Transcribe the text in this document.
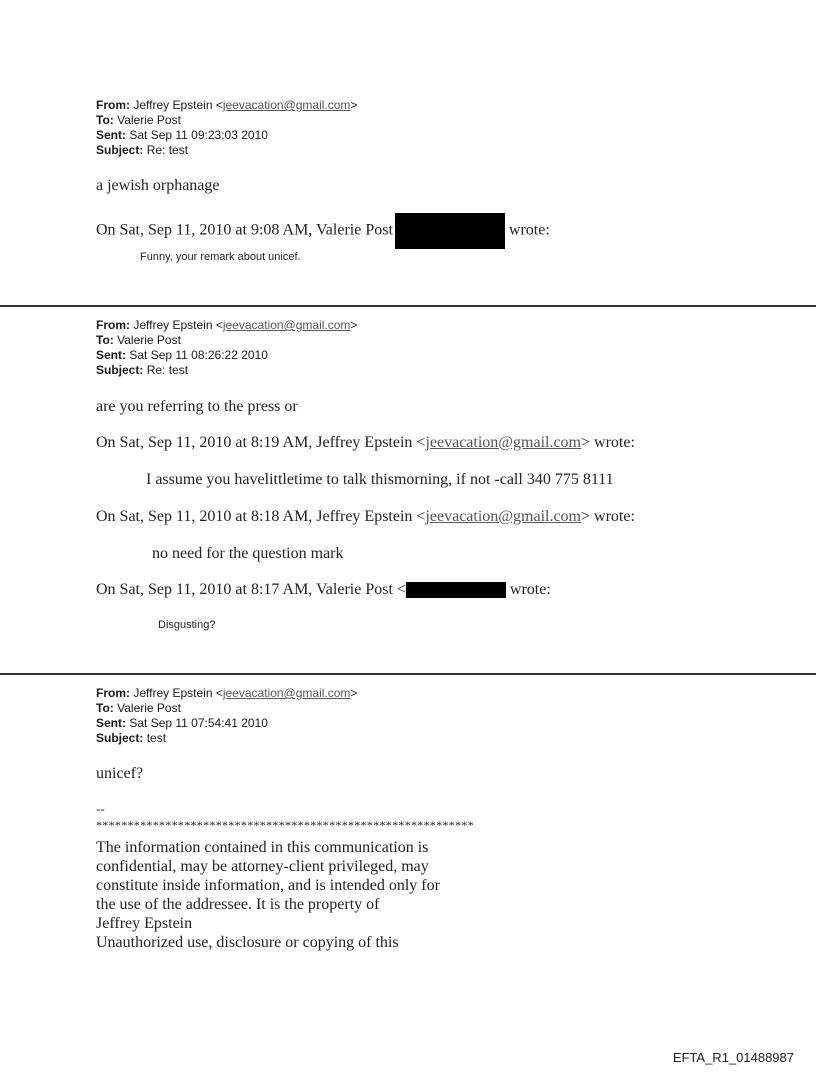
From: Jeffrey Epstein <jeevacation@gmail.com>
To: Valerie Post
Sent: Sat Sep 11 09:23:03 2010
Subject: Re: test
a jewish orphanage
On Sat, Sep 11, 2010 at 9:08 AM, Valerie Post	wrote:
Funny, your remark about unicef.
From: Jeffrey Epstein <jeevacation@gmail.com>
To: Valerie Post
Sent: Sat Sep 11 08:26:22 2010
Subject: Re: test
are you referring to the press or
On Sat, Sep 11, 2010 at 8:19 AM, Jeffrey Epstein <jeevacation@gmail.com> wrote:
I assume you havelittletime to talk thismorning, if not -call 340 775 8111
On Sat, Sep 11, 2010 at 8:18 AM, Jeffrey Epstein <jeevacation@gmail.com> wrote:
no need for the question mark
On Sat, Sep 11, 2010 at 8:17 AM, Valerie Post <	wrote:
Disgusting?
From: Jeffrey Epstein <jeevacation@gmail.com>
To: Valerie Post
Sent: Sat Sep 11 07:54:41 2010
Subject: test
unicef?
--
************************************************************
The information contained in this communication is
confidential, may be attorney-client privileged, may
constitute inside information, and is intended only for
the use of the addressee. It is the property of
Jeffrey Epstein
Unauthorized use, disclosure or copying of this
EFTA_R1_01488987
